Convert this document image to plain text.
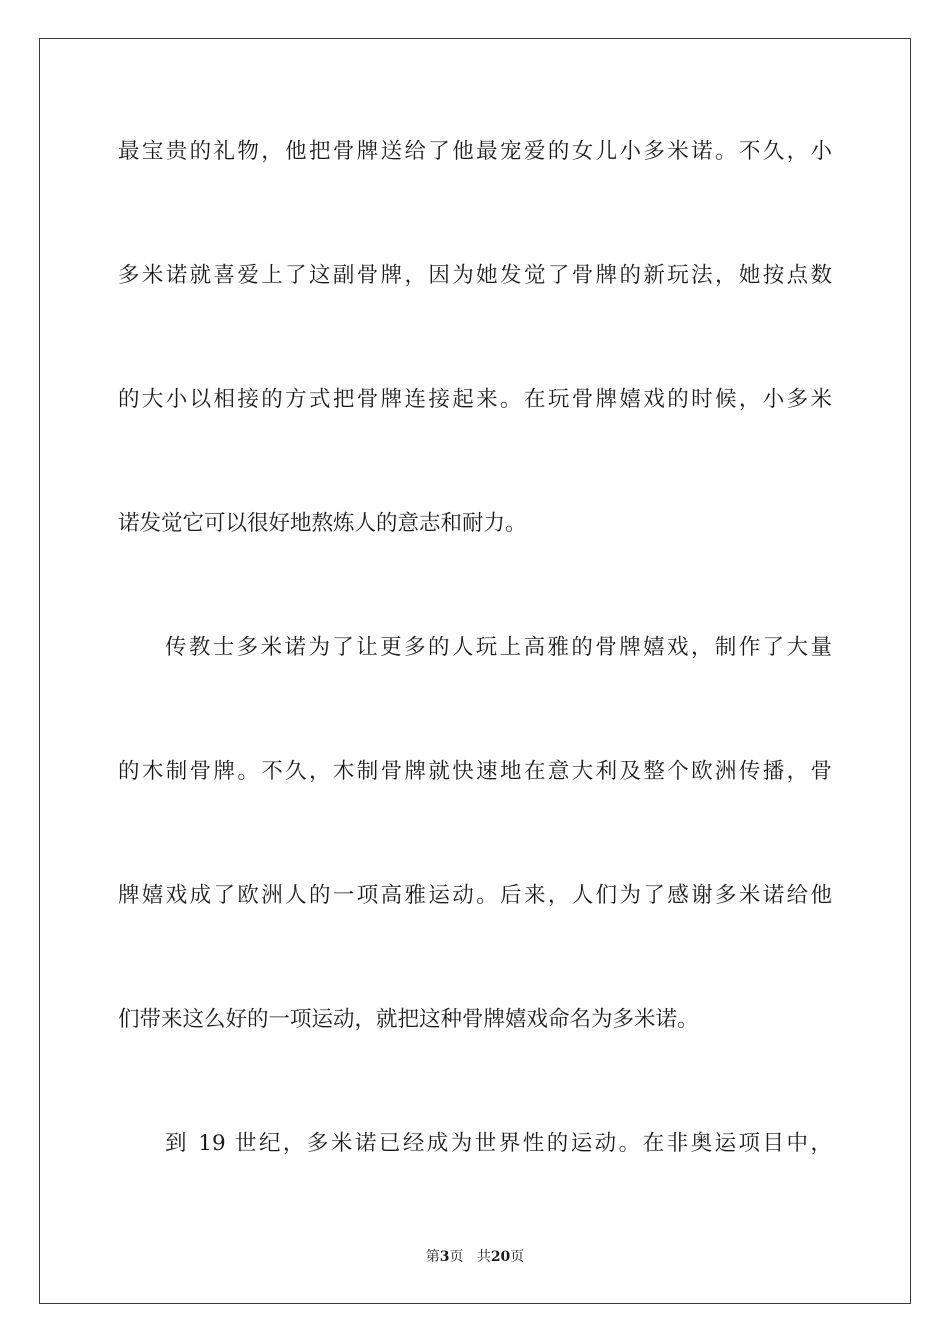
最宝贵的礼物，他把骨牌送给了他最宠爱的女儿小多米诺。不久，小
多米诺就喜爱上了这副骨牌，因为她发觉了骨牌的新玩法，她按点数
的大小以相接的方式把骨牌连接起来。在玩骨牌嬉戏的时候，小多米
诺发觉它可以很好地熬炼人的意志和耐力。
传教士多米诺为了让更多的人玩上高雅的骨牌嬉戏，制作了大量
的木制骨牌。不久，木制骨牌就快速地在意大利及整个欧洲传播，骨
牌嬉戏成了欧洲人的一项高雅运动。后来，人们为了感谢多米诺给他
们带来这么好的一项运动，就把这种骨牌嬉戏命名为多米诺。
到 19 世纪，多米诺已经成为世界性的运动。在非奥运项目中，
第3页 共20页
